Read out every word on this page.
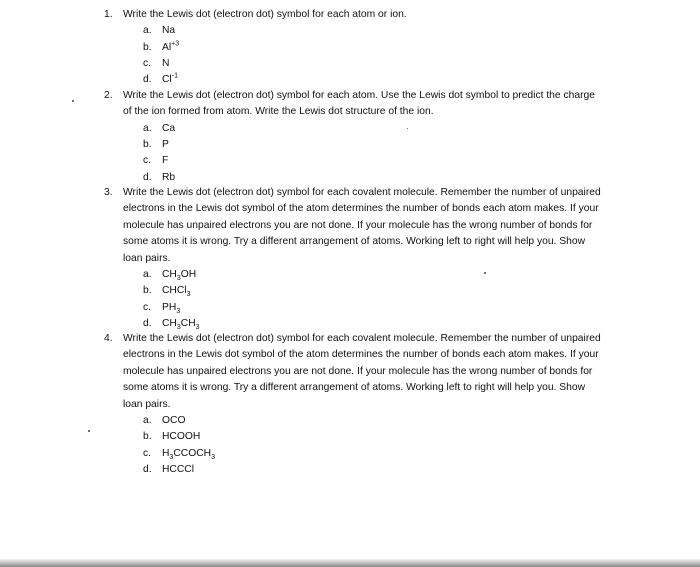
1.	Write the Lewis dot (electron dot) symbol for each atom or ion.
a.	Na
b.	$Al^{+3}$
c.	N
d.	$Cl^{-1}$
2.	Write the Lewis dot (electron dot) symbol for each atom. Use the Lewis dot symbol to predict the charge of the ion formed from atom. Write the Lewis dot structure of the ion.
a.	Ca
b.	P
c.	F
d.	Rb
3.	Write the Lewis dot (electron dot) symbol for each covalent molecule. Remember the number of unpaired electrons in the Lewis dot symbol of the atom determines the number of bonds each atom makes. If your molecule has unpaired electrons you are not done. If your molecule has the wrong number of bonds for some atoms it is wrong. Try a different arrangement of atoms. Working left to right will help you. Show loan pairs.
a.	$CH_3OH$
b.	CHCl$_3$
c.	$PH_3$
d.	$CH_3CH_3$
4.	Write the Lewis dot (electron dot) symbol for each covalent molecule. Remember the number of unpaired electrons in the Lewis dot symbol of the atom determines the number of bonds each atom makes. If your molecule has unpaired electrons you are not done. If your molecule has the wrong number of bonds for some atoms it is wrong. Try a different arrangement of atoms. Working left to right will help you. Show loan pairs.
a.	OCO
b.	HCOOH
c.	$H_3CCOCH_3$
d.	HCCCl
